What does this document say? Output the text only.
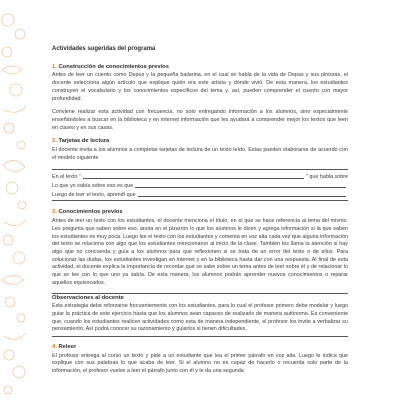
Actividades sugeridas del programa
1. Construcción de conocimientos previos

Antes de leer un cuento como Depus y la pequeña bailarina, en el cual se habla de la vida de Depas y sus pinturas, el docente selecciona algún artículo que explique quién era este artista y dónde vivió. De esta manera, los estudiantes construyen el vocabulario y los conocimientos específicos del tema y, así, pueden comprender el cuento con mayor profundidad.

Conviene realizar esta actividad con frecuencia, no solo entregando información a los alumnos, sino especialmente enseñándoles a buscar en la biblioteca y en internet información que les ayudará a comprender mejor los textos que leen en clases y en sus casas.

2. Tarjetas de lectura

El docente invita a los alumnos a completar tarjetas de lectura de un texto leído. Estas pueden elaborarse de acuerdo con el modelo siguiente

En el texto "	" que habla sobre
Lo que yo sabía sobre eso es que
Luego de leer el texto, aprendí que
3. Conocimientos previos

Antes de leer un texto con los estudiantes, el docente menciona el título, en el que se hace referencia al tema del mismo. Les pregunta que saben sobre eso, anota en el pizarrón lo que los alumnos le dicen y agrega información si la que saben los estudiantes es muy poca. Luego lee el texto con los estudiantes y comenta en voz alta cada vez que alguna información del texto se relaciona con algo que los estudiantes mencionaron al inicio de la clase. También les llama la atención si hay algo que no concuerda y guía a los alumnos para que reflexionen si se trata de un error del texto o de ellos. Para solucionar las dudas, los estudiantes investigan en internet y en la biblioteca hasta dar con una respuesta. Al final de esta actividad, el docente explica la importancia de recordar qué se sabe sobre un tema antes de leer sobre él y de relacionar lo que se lee con lo que uno ya sabía. De esta manera, los alumnos podrán aprender nuevos conocimientos o reparar aquellos equivocados.

Observaciones al docente

Esta estrategia debe reforzarse frecuentemente con los estudiantes, para lo cual el profesor primero debe modelar y luego guiar la práctica de este ejercicio hasta que los alumnos sean capaces de realizarlo de manera autónoma. Es conveniente que, cuando los estudiantes realicen actividades como esta de manera independiente, el profesor los invite a verbalizar su pensamiento. Así podrá conocer su razonamiento y guiarlos si tienen dificultades.

4. Releer

El profesor entrega al curso un texto y pide a un estudiante que lea el primer párrafo en voz alta. Luego le indica que explique con sus palabras lo que acaba de leer. Si el alumno no es capaz de hacerlo o recuerda solo parte de la información, el profesor vuelve a leer el párrafo junto con él y le da una segunda
